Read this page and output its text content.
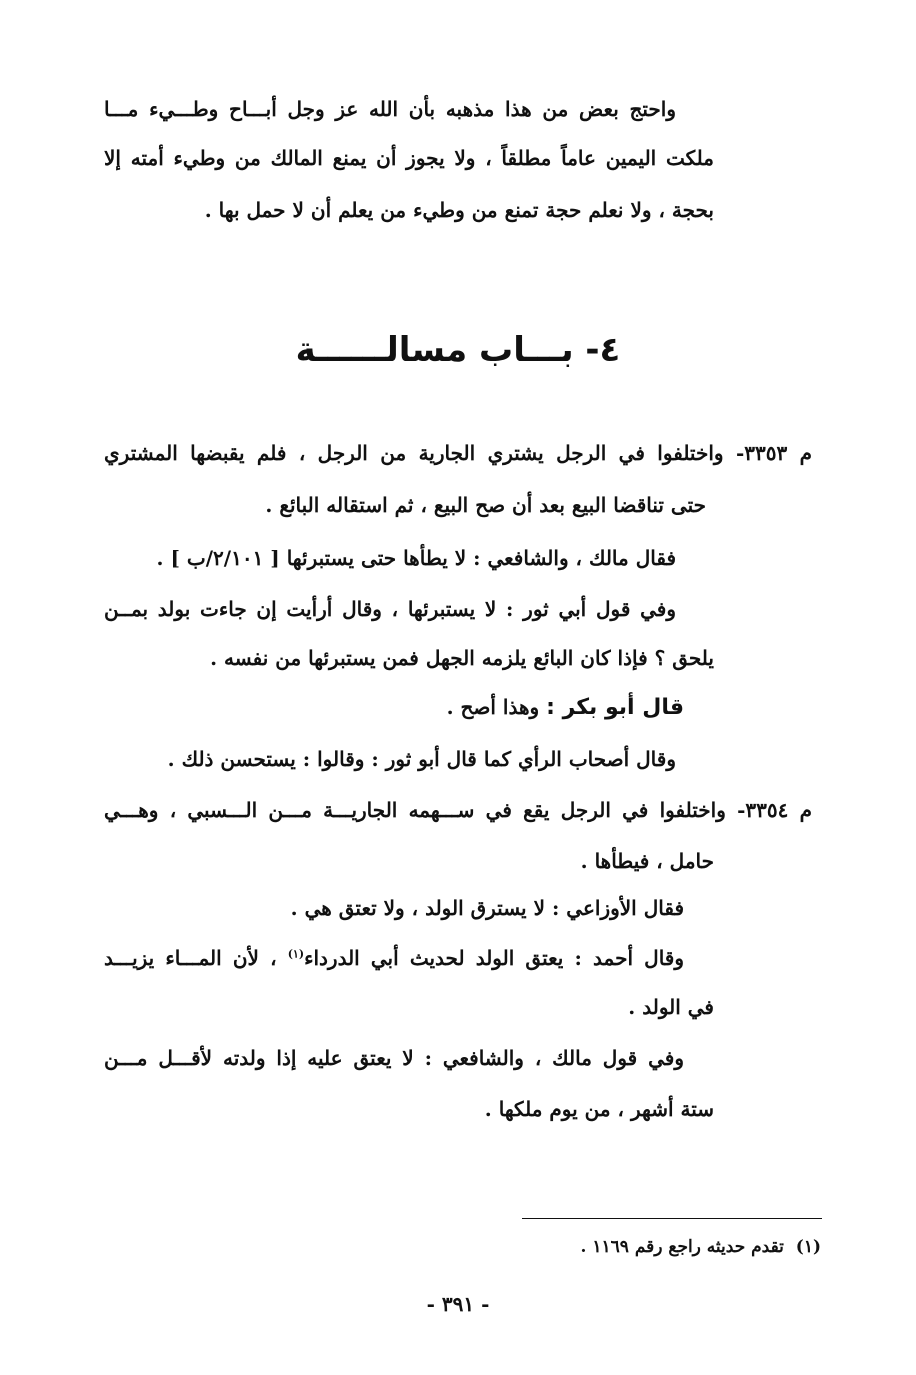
واحتج بعض من هذا مذهبه بأن الله عز وجل أبـــاح وطـــيء مـــا
ملكت اليمين عاماً مطلقاً ، ولا يجوز أن يمنع المالك من وطيء أمته إلا
بحجة ، ولا نعلم حجة تمنع من وطيء من يعلم أن لا حمل بها .
٤- بـــاب مسالــــــة
م ٣٣٥٣- واختلفوا في الرجل يشتري الجارية من الرجل ، فلم يقبضها المشتري
حتى تناقضا البيع بعد أن صح البيع ، ثم استقاله البائع .
فقال مالك ، والشافعي : لا يطأها حتى يستبرئها [ ٢/١٠١/ب ] .
وفي قول أبي ثور : لا يستبرئها ، وقال أرأيت إن جاءت بولد بمــن
يلحق ؟ فإذا كان البائع يلزمه الجهل فمن يستبرئها من نفسه .
قال أبو بكر : وهذا أصح .
وقال أصحاب الرأي كما قال أبو ثور : وقالوا : يستحسن ذلك .
م ٣٣٥٤- واختلفوا في الرجل يقع في ســـهمه الجاريـــة مـــن الـــسبي ، وهـــي
حامل ، فيطأها .
فقال الأوزاعي : لا يسترق الولد ، ولا تعتق هي .
وقال أحمد : يعتق الولد لحديث أبي الدرداء$^{(١)}$ ، لأن المـــاء يزيـــد
في الولد .
وفي قول مالك ، والشافعي : لا يعتق عليه إذا ولدته لأقـــل مـــن
ستة أشهر ، من يوم ملكها .
(١)  تقدم حديثه راجع رقم ١١٦٩ .
- ٣٩١ -
